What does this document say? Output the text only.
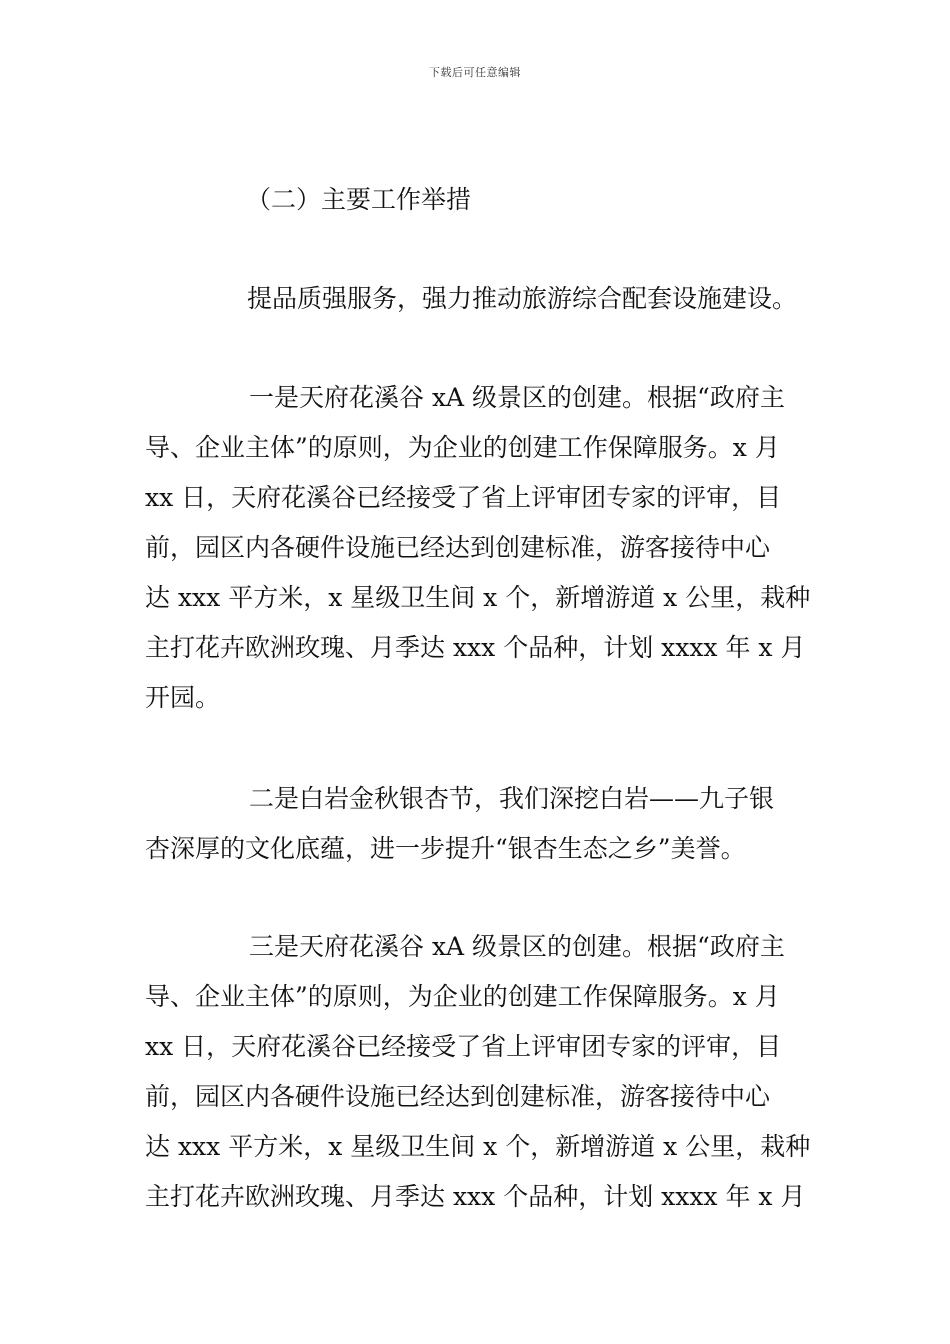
下载后可任意编辑
（二）主要工作举措
提品质强服务，强力推动旅游综合配套设施建设。
一是天府花溪谷 xA 级景区的创建。根据“政府主
导、企业主体”的原则，为企业的创建工作保障服务。x 月
xx 日，天府花溪谷已经接受了省上评审团专家的评审，目
前，园区内各硬件设施已经达到创建标准，游客接待中心
达 xxx 平方米，x 星级卫生间 x 个，新增游道 x 公里，栽种
主打花卉欧洲玫瑰、月季达 xxx 个品种，计划 xxxx 年 x 月
开园。
二是白岩金秋银杏节，我们深挖白岩——九子银
杏深厚的文化底蕴，进一步提升“银杏生态之乡”美誉。
三是天府花溪谷 xA 级景区的创建。根据“政府主
导、企业主体”的原则，为企业的创建工作保障服务。x 月
xx 日，天府花溪谷已经接受了省上评审团专家的评审，目
前，园区内各硬件设施已经达到创建标准，游客接待中心
达 xxx 平方米，x 星级卫生间 x 个，新增游道 x 公里，栽种
主打花卉欧洲玫瑰、月季达 xxx 个品种，计划 xxxx 年 x 月
